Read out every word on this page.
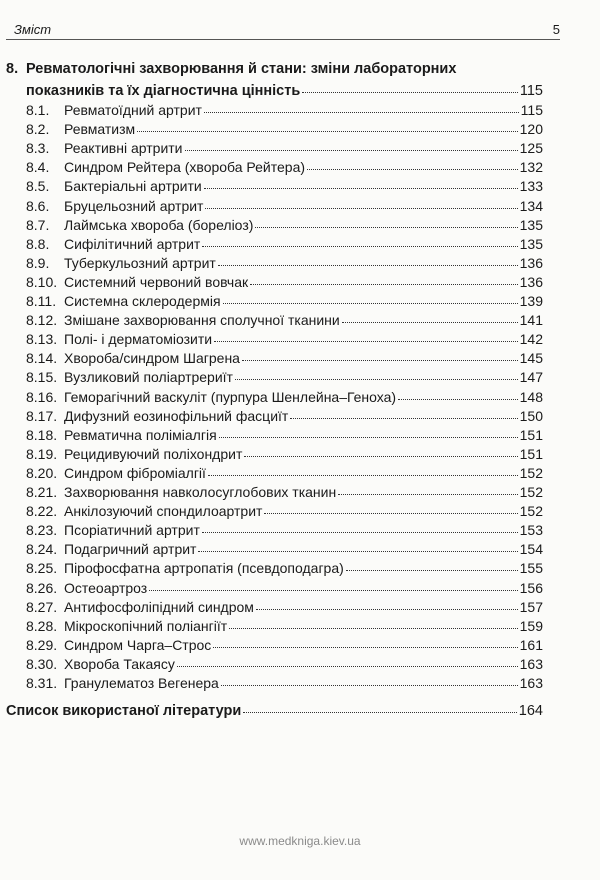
Зміст	5
8. Ревматологічні захворювання й стани: зміни лабораторних
показників та їх діагностична цінність	115
8.1.	Ревматоїдний артрит	115
8.2.	Ревматизм	120
8.3.	Реактивні артрити	125
8.4.	Синдром Рейтера (хвороба Рейтера)	132
8.5.	Бактеріальні артрити	133
8.6.	Бруцельозний артрит	134
8.7.	Лаймська хвороба (бореліоз)	135
8.8.	Сифілітичний артрит	135
8.9.	Туберкульозний артрит	136
8.10. Системний червоний вовчак	136
8.11. Системна склеродермія	139
8.12. Змішане захворювання сполучної тканини	141
8.13. Полі- і дерматоміозити	142
8.14. Хвороба/синдром Шагрена	145
8.15. Вузликовий поліартрериїт	147
8.16. Геморагічний васкуліт (пурпура Шенлейна–Геноха)	148
8.17. Дифузний еозинофільний фасциїт	150
8.18. Ревматична поліміалгія	151
8.19. Рецидивуючий поліхондрит	151
8.20. Синдром фіброміалгії	152
8.21. Захворювання навколосуглобових тканин	152
8.22. Анкілозуючий спондилоартрит	152
8.23. Псоріатичний артрит	153
8.24. Подагричний артрит	154
8.25. Пірофосфатна артропатія (псевдоподагра)	155
8.26. Остеоартроз	156
8.27. Антифосфоліпідний синдром	157
8.28. Мікроскопічний поліангіїт	159
8.29. Синдром Чарга–Строс	161
8.30. Хвороба Такаясу	163
8.31. Гранулематоз Вегенера	163
Список використаної літератури	164
www.medkniga.kiev.ua
